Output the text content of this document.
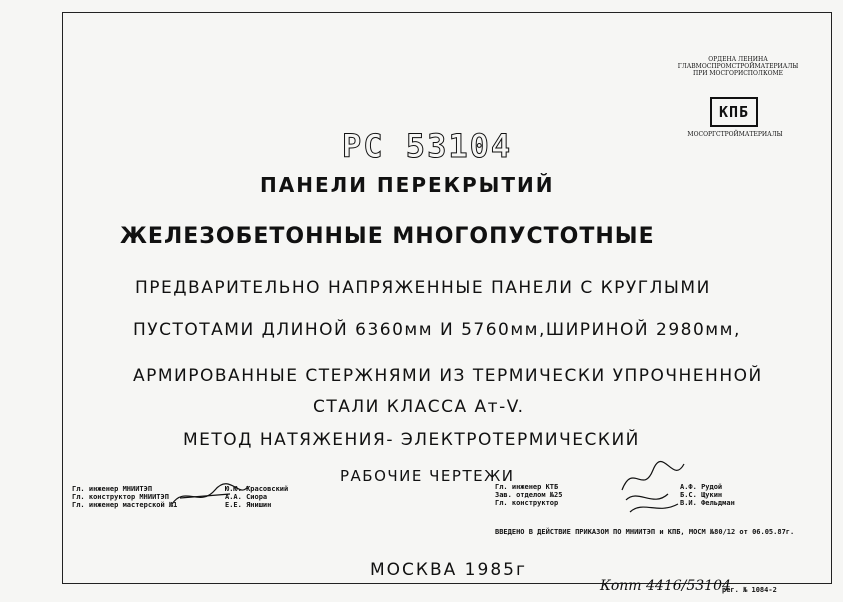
ОРДЕНА ЛЕНИНА
ГЛАВМОСПРОМСТРОЙМАТЕРИАЛЫ
ПРИ МОСГОРИСПОЛКОМЕ
КПБ
МОСОРГСТРОЙМАТЕРИАЛЫ
РС 53104
ПАНЕЛИ ПЕРЕКРЫТИЙ
ЖЕЛЕЗОБЕТОННЫЕ МНОГОПУСТОТНЫЕ
ПРЕДВАРИТЕЛЬНО НАПРЯЖЕННЫЕ ПАНЕЛИ С КРУГЛЫМИ
ПУСТОТАМИ ДЛИНОЙ 6360мм И 5760мм,ШИРИНОЙ 2980мм,
АРМИРОВАННЫЕ СТЕРЖНЯМИ ИЗ ТЕРМИЧЕСКИ УПРОЧНЕННОЙ
СТАЛИ КЛАССА Ат-V.
МЕТОД НАТЯЖЕНИЯ- ЭЛЕКТРОТЕРМИЧЕСКИЙ
РАБОЧИЕ ЧЕРТЕЖИ
Гл. инженер МНИИТЭП
Гл. конструктор МНИИТЭП
Гл. инженер мастерской №1
Ю.Ю. Красовский
А.А. Сиора
Е.Е. Янишин
Гл. инженер КТБ
Зав. отделом №25
Гл. конструктор
А.Ф. Рудой
Б.С. Щукин
В.И. Фельдман
ВВЕДЕНО В ДЕЙСТВИЕ ПРИКАЗОМ ПО МНИИТЭП и КПБ, МОСМ №80/12 от 06.05.87г.
МОСКВА 1985г
Копт 4416/53104
рег. № 1084-2
